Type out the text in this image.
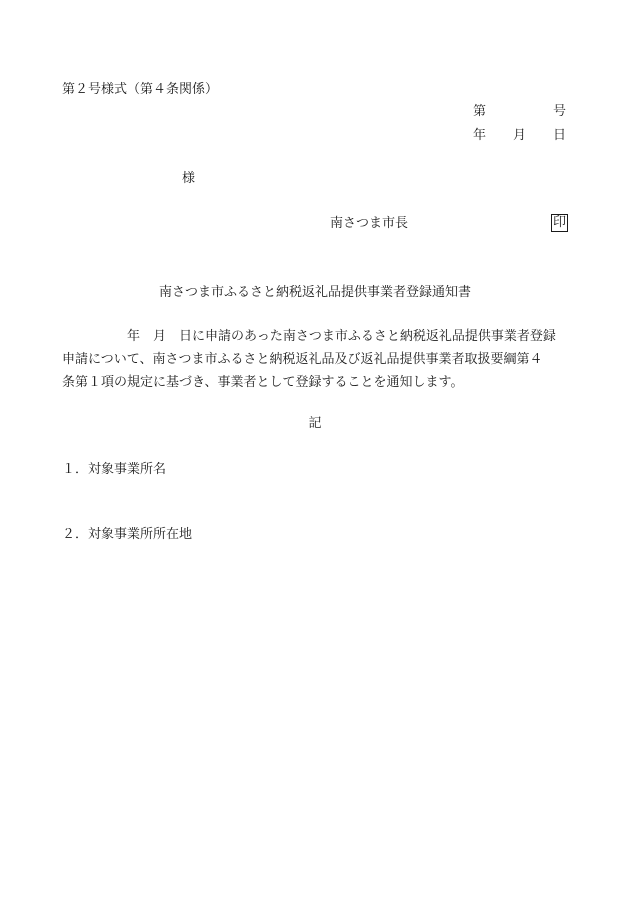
第２号様式（第４条関係）
第	号
年 月 日
様
南さつま市長	印
南さつま市ふるさと納税返礼品提供事業者登録通知書
　　　　　年　月　日に申請のあった南さつま市ふるさと納税返礼品提供事業者登録
申請について、南さつま市ふるさと納税返礼品及び返礼品提供事業者取扱要綱第４
条第１項の規定に基づき、事業者として登録することを通知します。
記
１．対象事業所名
２．対象事業所所在地
